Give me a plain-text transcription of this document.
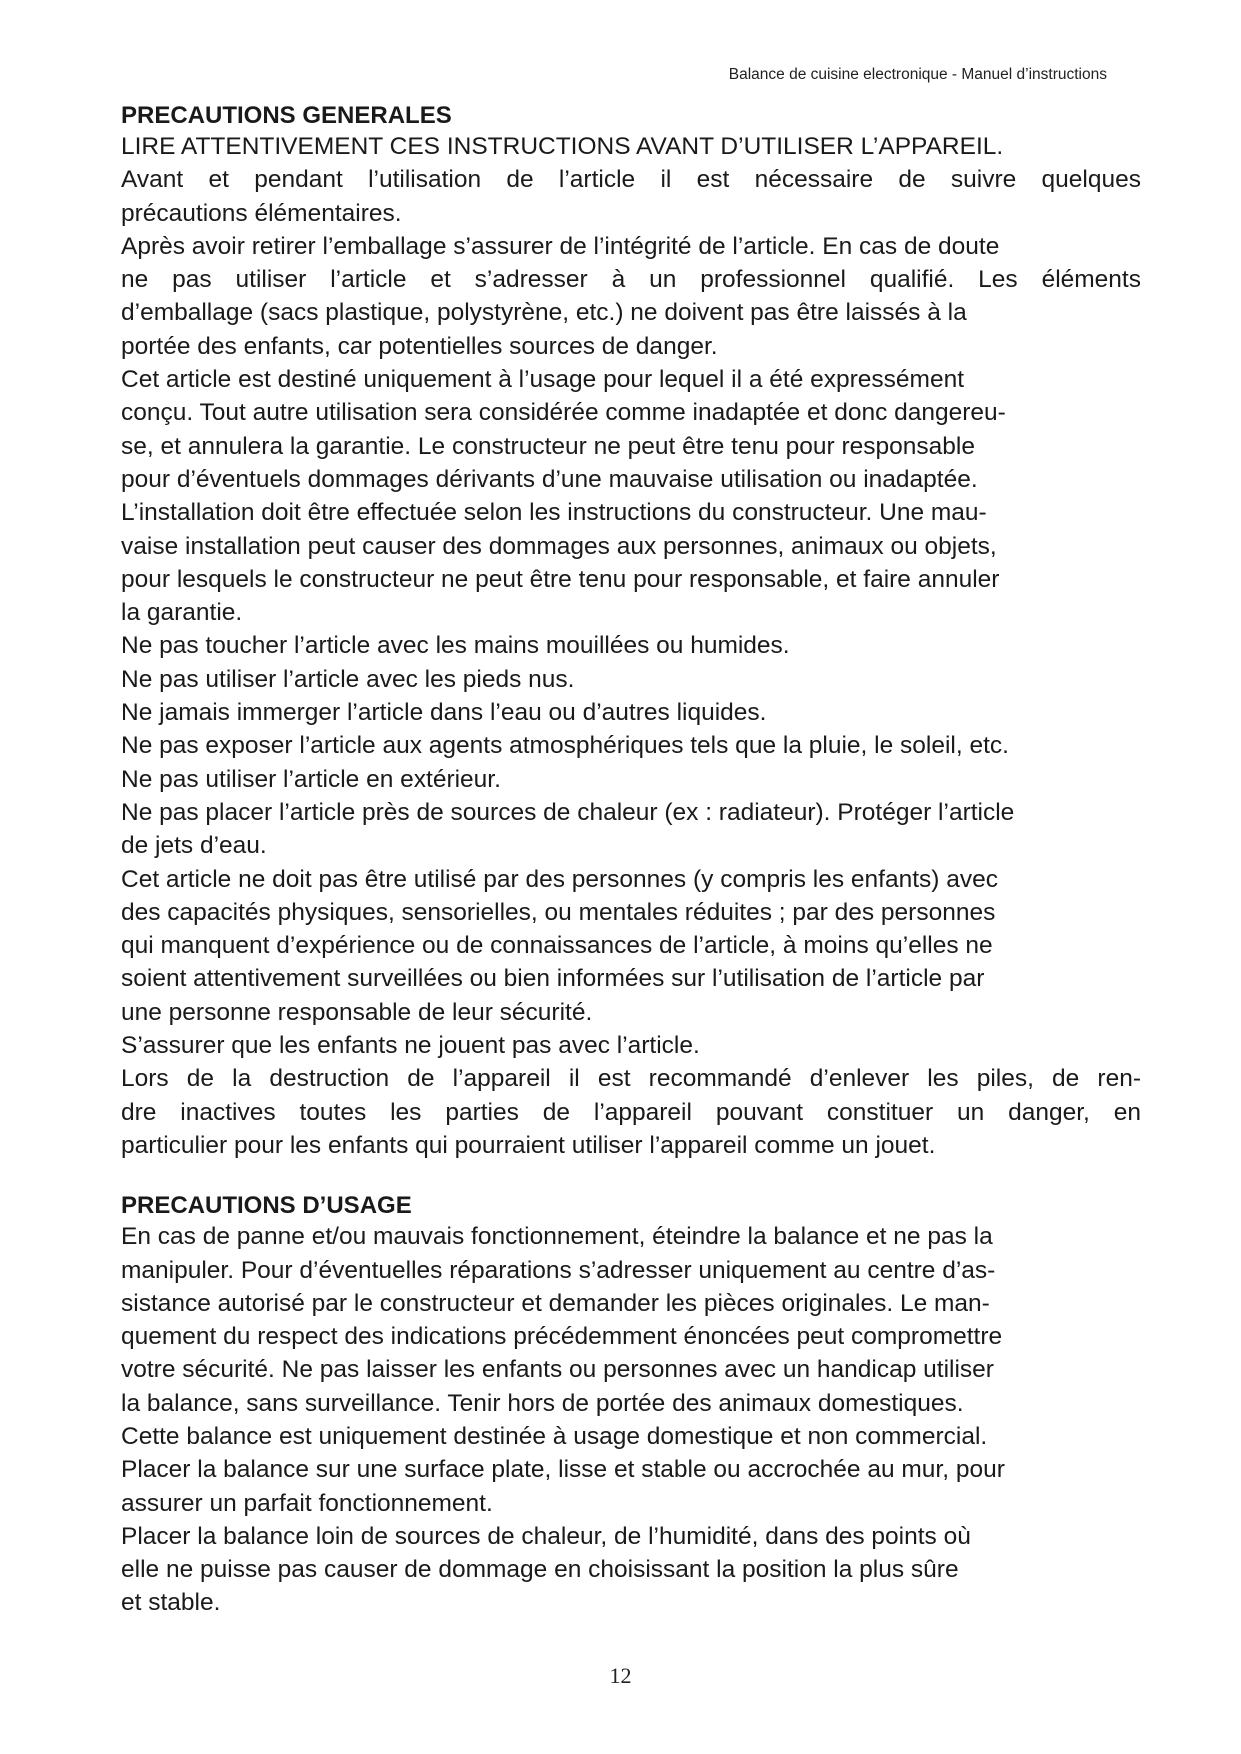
Balance de cuisine electronique - Manuel d’instructions
PRECAUTIONS GENERALES
LIRE ATTENTIVEMENT CES INSTRUCTIONS AVANT D’UTILISER L’APPAREIL.
Avant et pendant l’utilisation de l’article il est nécessaire de suivre quelques
précautions élémentaires.
Après avoir retirer l’emballage s’assurer de l’intégrité de l’article. En cas de doute
ne pas utiliser l’article et s’adresser à un professionnel qualifié. Les éléments
d’emballage (sacs plastique, polystyrène, etc.) ne doivent pas être laissés à la
portée des enfants, car potentielles sources de danger.
Cet article est destiné uniquement à l’usage pour lequel il a été expressément
conçu. Tout autre utilisation sera considérée comme inadaptée et donc dangereu-
se, et annulera la garantie. Le constructeur ne peut être tenu pour responsable
pour d’éventuels dommages dérivants d’une mauvaise utilisation ou inadaptée.
L’installation doit être effectuée selon les instructions du constructeur. Une mau-
vaise installation peut causer des dommages aux personnes, animaux ou objets,
pour lesquels le constructeur ne peut être tenu pour responsable, et faire annuler
la garantie.
Ne pas toucher l’article avec les mains mouillées ou humides.
Ne pas utiliser l’article avec les pieds nus.
Ne jamais immerger l’article dans l’eau ou d’autres liquides.
Ne pas exposer l’article aux agents atmosphériques tels que la pluie, le soleil, etc.
Ne pas utiliser l’article en extérieur.
Ne pas placer l’article près de sources de chaleur (ex : radiateur). Protéger l’article
de jets d’eau.
Cet article ne doit pas être utilisé par des personnes (y compris les enfants) avec
des capacités physiques, sensorielles, ou mentales réduites ; par des personnes
qui manquent d’expérience ou de connaissances de l’article, à moins qu’elles ne
soient attentivement surveillées ou bien informées sur l’utilisation de l’article par
une personne responsable de leur sécurité.
S’assurer que les enfants ne jouent pas avec l’article.
Lors de la destruction de l’appareil il est recommandé d’enlever les piles, de ren-
dre inactives toutes les parties de l’appareil pouvant constituer un danger, en
particulier pour les enfants qui pourraient utiliser l’appareil comme un jouet.
PRECAUTIONS D’USAGE
En cas de panne et/ou mauvais fonctionnement, éteindre la balance et ne pas la
manipuler. Pour d’éventuelles réparations s’adresser uniquement au centre d’as-
sistance autorisé par le constructeur et demander les pièces originales. Le man-
quement du respect des indications précédemment énoncées peut compromettre
votre sécurité. Ne pas laisser les enfants ou personnes avec un handicap utiliser
la balance, sans surveillance. Tenir hors de portée des animaux domestiques.
Cette balance est uniquement destinée à usage domestique et non commercial.
Placer la balance sur une surface plate, lisse et stable ou accrochée au mur, pour
assurer un parfait fonctionnement.
Placer la balance loin de sources de chaleur, de l’humidité, dans des points où
elle ne puisse pas causer de dommage en choisissant la position la plus sûre
et stable.
12
